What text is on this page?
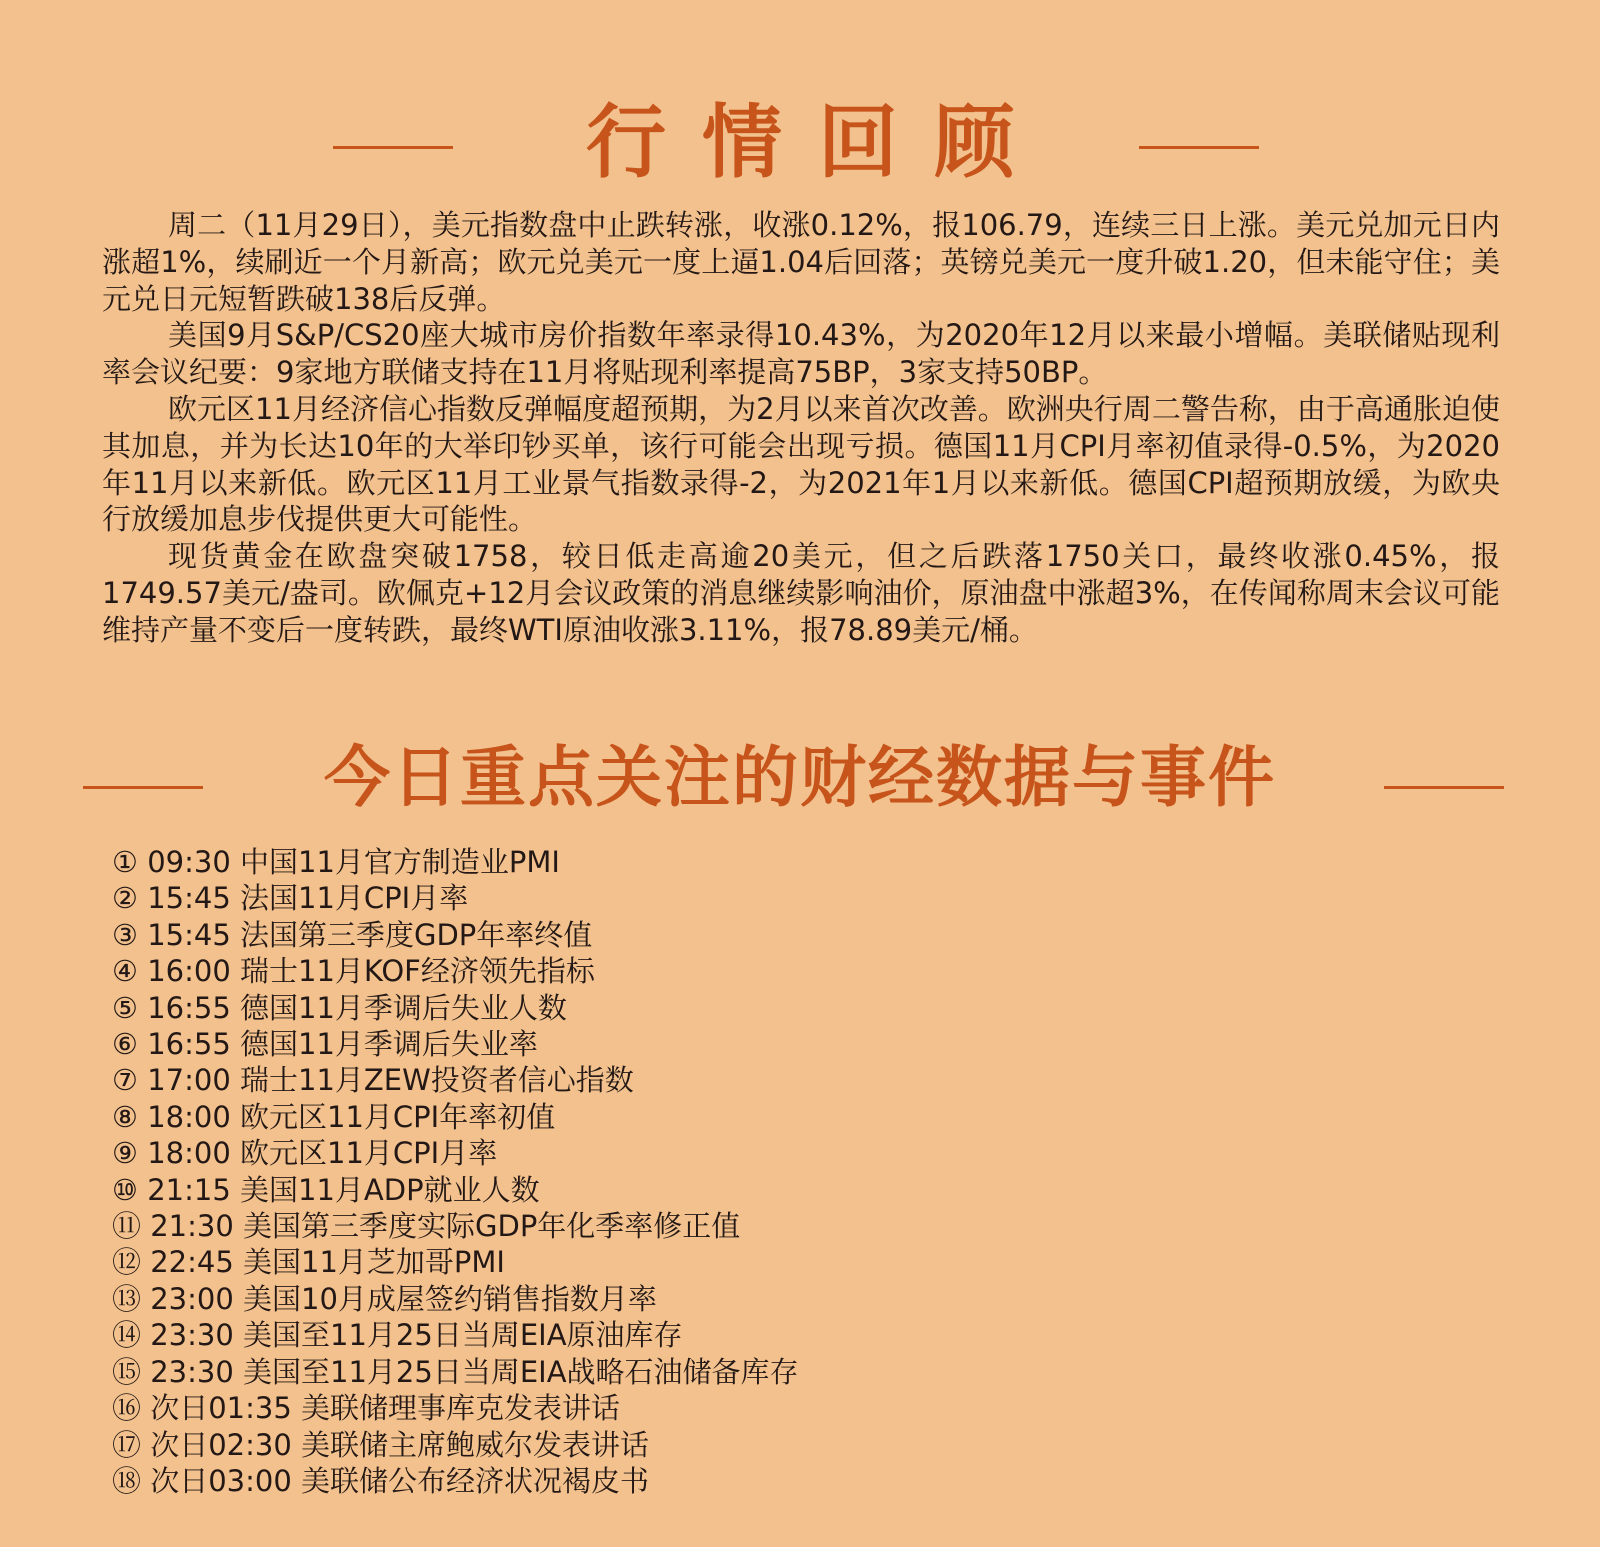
行情回顾

周二（11月29日），美元指数盘中止跌转涨，收涨0.12%，报106.79，连续三日上涨。美元兑加元日内涨超1%，续刷近一个月新高；欧元兑美元一度上逼1.04后回落；英镑兑美元一度升破1.20，但未能守住；美元兑日元短暂跌破138后反弹。

美国9月S&P/CS20座大城市房价指数年率录得10.43%，为2020年12月以来最小增幅。美联储贴现利率会议纪要：9家地方联储支持在11月将贴现利率提高75BP，3家支持50BP。

欧元区11月经济信心指数反弹幅度超预期，为2月以来首次改善。欧洲央行周二警告称，由于高通胀迫使其加息，并为长达10年的大举印钞买单，该行可能会出现亏损。德国11月CPI月率初值录得-0.5%，为2020年11月以来新低。欧元区11月工业景气指数录得-2，为2021年1月以来新低。德国CPI超预期放缓，为欧央行放缓加息步伐提供更大可能性。

现货黄金在欧盘突破1758，较日低走高逾20美元，但之后跌落1750关口，最终收涨0.45%，报1749.57美元/盎司。欧佩克+12月会议政策的消息继续影响油价，原油盘中涨超3%，在传闻称周末会议可能维持产量不变后一度转跌，最终WTI原油收涨3.11%，报78.89美元/桶。

今日重点关注的财经数据与事件
① 09:30 中国11月官方制造业PMI
② 15:45 法国11月CPI月率
③ 15:45 法国第三季度GDP年率终值
④ 16:00 瑞士11月KOF经济领先指标
⑤ 16:55 德国11月季调后失业人数
⑥ 16:55 德国11月季调后失业率
⑦ 17:00 瑞士11月ZEW投资者信心指数
⑧ 18:00 欧元区11月CPI年率初值
⑨ 18:00 欧元区11月CPI月率
⑩ 21:15 美国11月ADP就业人数
⑪ 21:30 美国第三季度实际GDP年化季率修正值
⑫ 22:45 美国11月芝加哥PMI
⑬ 23:00 美国10月成屋签约销售指数月率
⑭ 23:30 美国至11月25日当周EIA原油库存
⑮ 23:30 美国至11月25日当周EIA战略石油储备库存
⑯ 次日01:35 美联储理事库克发表讲话
⑰ 次日02:30 美联储主席鲍威尔发表讲话
⑱ 次日03:00 美联储公布经济状况褐皮书
